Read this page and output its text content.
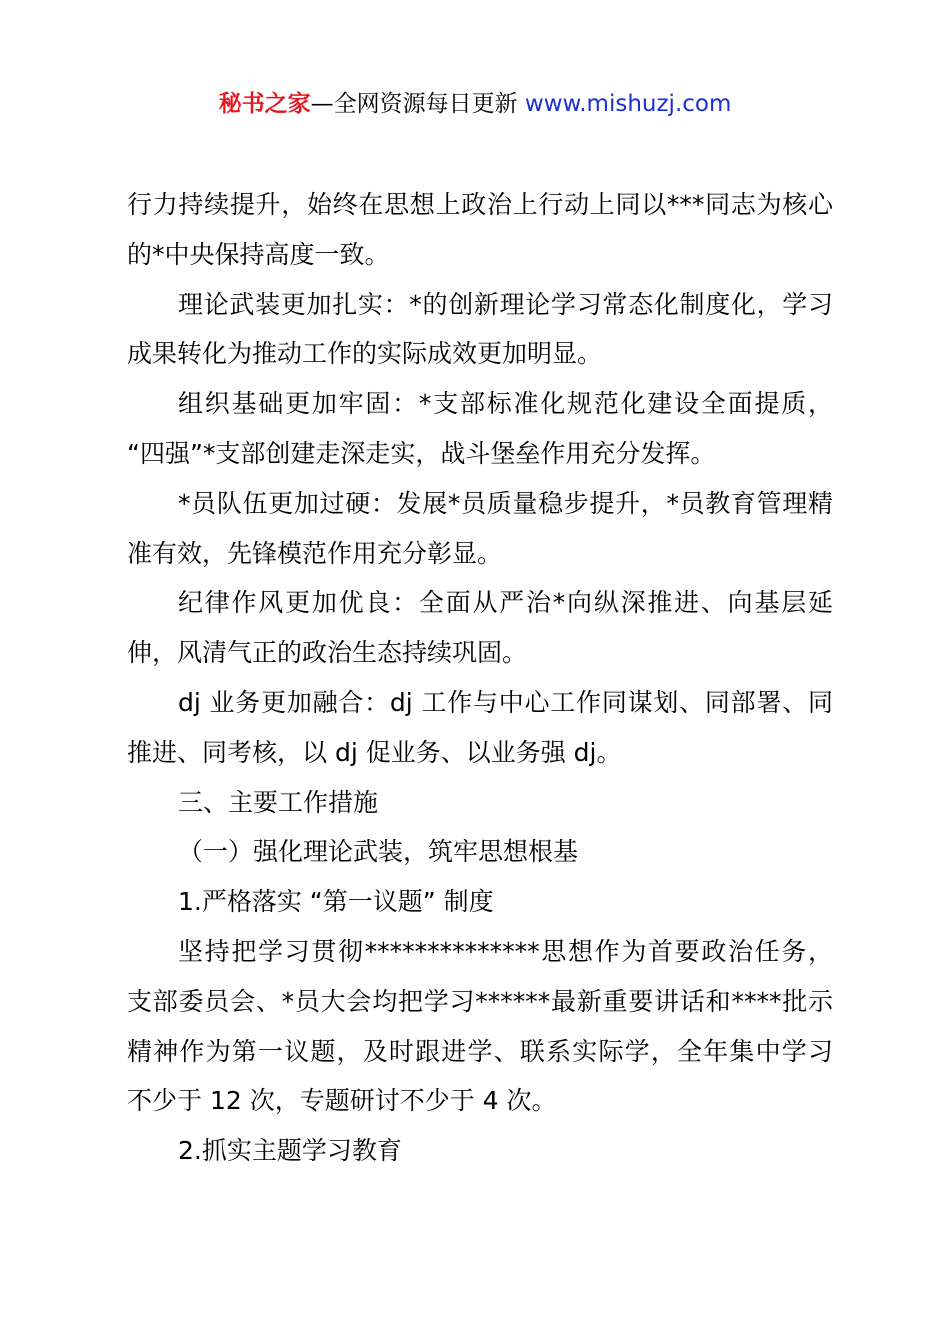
秘书之家—全网资源每日更新 www.mishuzj.com
行力持续提升，始终在思想上政治上行动上同以***同志为核心
的*中央保持高度一致。
理论武装更加扎实：*的创新理论学习常态化制度化，学习
成果转化为推动工作的实际成效更加明显。
组织基础更加牢固：*支部标准化规范化建设全面提质，
“四强”*支部创建走深走实，战斗堡垒作用充分发挥。
*员队伍更加过硬：发展*员质量稳步提升，*员教育管理精
准有效，先锋模范作用充分彰显。
纪律作风更加优良：全面从严治*向纵深推进、向基层延
伸，风清气正的政治生态持续巩固。
dj 业务更加融合：dj 工作与中心工作同谋划、同部署、同
推进、同考核，以 dj 促业务、以业务强 dj。
三、主要工作措施
（一）强化理论武装，筑牢思想根基
1.严格落实 “第一议题” 制度
坚持把学习贯彻**************思想作为首要政治任务，
支部委员会、*员大会均把学习******最新重要讲话和****批示
精神作为第一议题，及时跟进学、联系实际学，全年集中学习
不少于 12 次，专题研讨不少于 4 次。
2.抓实主题学习教育
